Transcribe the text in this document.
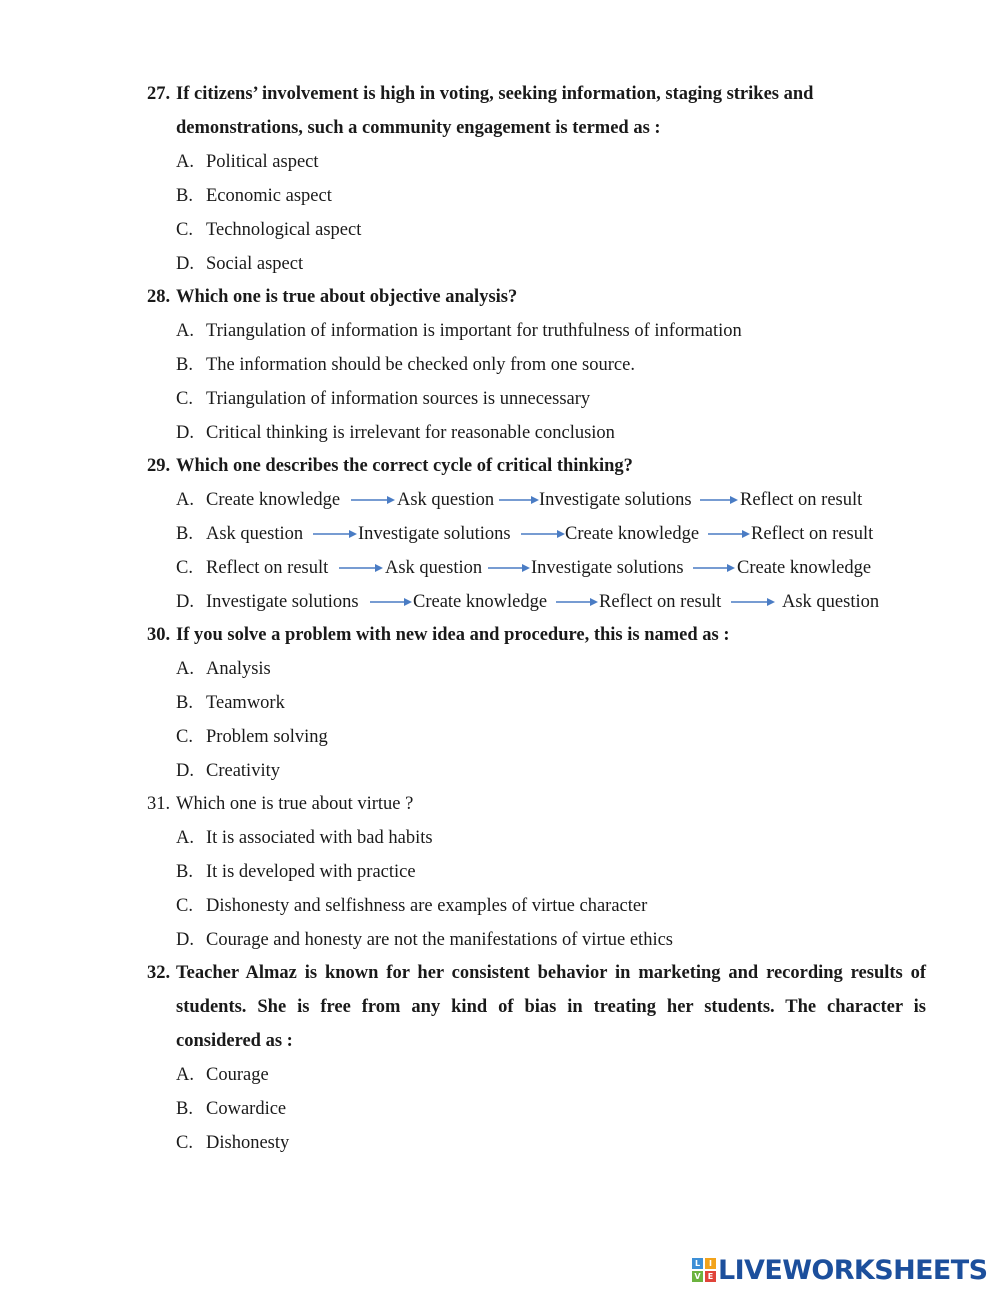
27. If citizens’ involvement is high in voting, seeking information, staging strikes and
demonstrations, such a community engagement is termed as :
A. Political aspect
B. Economic aspect
C. Technological aspect
D. Social aspect
28. Which one is true about objective analysis?
A. Triangulation of information is important for truthfulness of information
B. The information should be checked only from one source.
C. Triangulation of information sources is unnecessary
D. Critical thinking is irrelevant for reasonable conclusion
29. Which one describes the correct cycle of critical thinking?
A. Create knowledge	Ask question Investigate solutions	Reflect on result
B. Ask question	Investigate solutions	Create knowledge	Reflect on result
C. Reflect on result	Ask question	Investigate solutions	Create knowledge
D. Investigate solutions	Create knowledge	Reflect on result	Ask question
30. If you solve a problem with new idea and procedure, this is named as :
A. Analysis
B. Teamwork
C. Problem solving
D. Creativity
31. Which one is true about virtue ?
A. It is associated with bad habits
B. It is developed with practice
C. Dishonesty and selfishness are examples of virtue character
D. Courage and honesty are not the manifestations of virtue ethics
32. Teacher Almaz is known for her consistent behavior in marketing and recording results of
students. She is free from any kind of bias in treating her students. The character is
considered as :
A. Courage
B. Cowardice
C. Dishonesty
L	I
V E LIVEWORKSHEETS
